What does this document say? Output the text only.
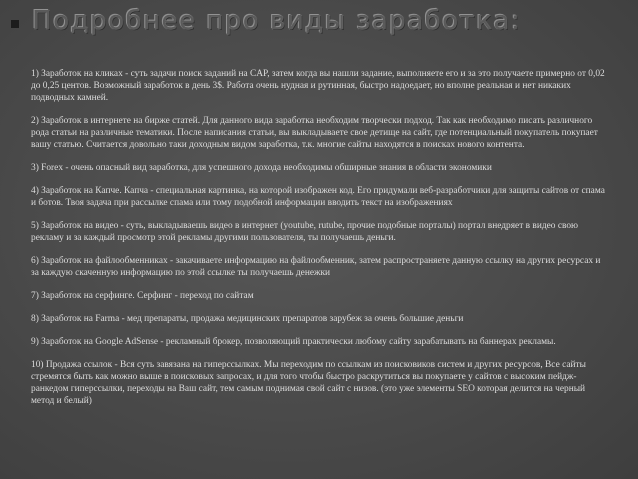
Подробнее про виды заработка:

1) Заработок на кликах - суть задачи поиск заданий на CAP, затем когда вы нашли задание, выполняете его и за это получаете примерно от 0,02 до 0,25 центов. Возможный заработок в день 3$. Работа очень нудная и рутинная, быстро надоедает, но вполне реальная и нет никаких подводных камней.

2) Заработок в интернете на бирже статей. Для данного вида заработка необходим творчески подход. Так как необходимо писать различного рода статьи на различные тематики. После написания статьи, вы выкладываете свое детище на сайт, где потенциальный покупатель покупает вашу статью. Считается довольно таки доходным видом заработка, т.к. многие сайты находятся в поисках нового контента.

3) Forex - очень опасный вид заработка, для успешного дохода необходимы обширные знания в области экономики

4) Заработок на Капче. Капча - специальная картинка, на которой изображен код. Его придумали веб-разработчики для защиты сайтов от спама и ботов. Твоя задача при рассылке спама или тому подобной информации вводить текст на изображениях

5) Заработок на видео - суть, выкладываешь видео в интернет (youtube, rutube, прочие подобные порталы) портал внедряет в видео свою рекламу и за каждый просмотр этой рекламы другими пользователя, ты получаешь деньги.

6) Заработок на файлообменниках - закачиваете информацию на файлообменник, затем распространяете данную ссылку на других ресурсах и за каждую скаченную информацию по этой ссылке ты получаешь денежки

7) Заработок на серфинге. Серфинг - переход по сайтам

8) Заработок на Farma - мед препараты, продажа медицинских препаратов зарубеж за очень большие деньги

9) Заработок на Google AdSense - рекламный брокер, позволяющий практически любому сайту зарабатывать на баннерах рекламы.

10) Продажа ссылок - Вся суть завязана на гиперссылках. Мы переходим по ссылкам из поисковиков систем и других ресурсов, Все сайты стремятся быть как можно выше в поисковых запросах, и для того чтобы быстро раскрутиться вы покупаете у сайтов с высоким пейдж-ранкедом гиперссылки, переходы на Ваш сайт, тем самым поднимая свой сайт с низов. (это уже элементы SEO которая делится на черный метод и белый)
